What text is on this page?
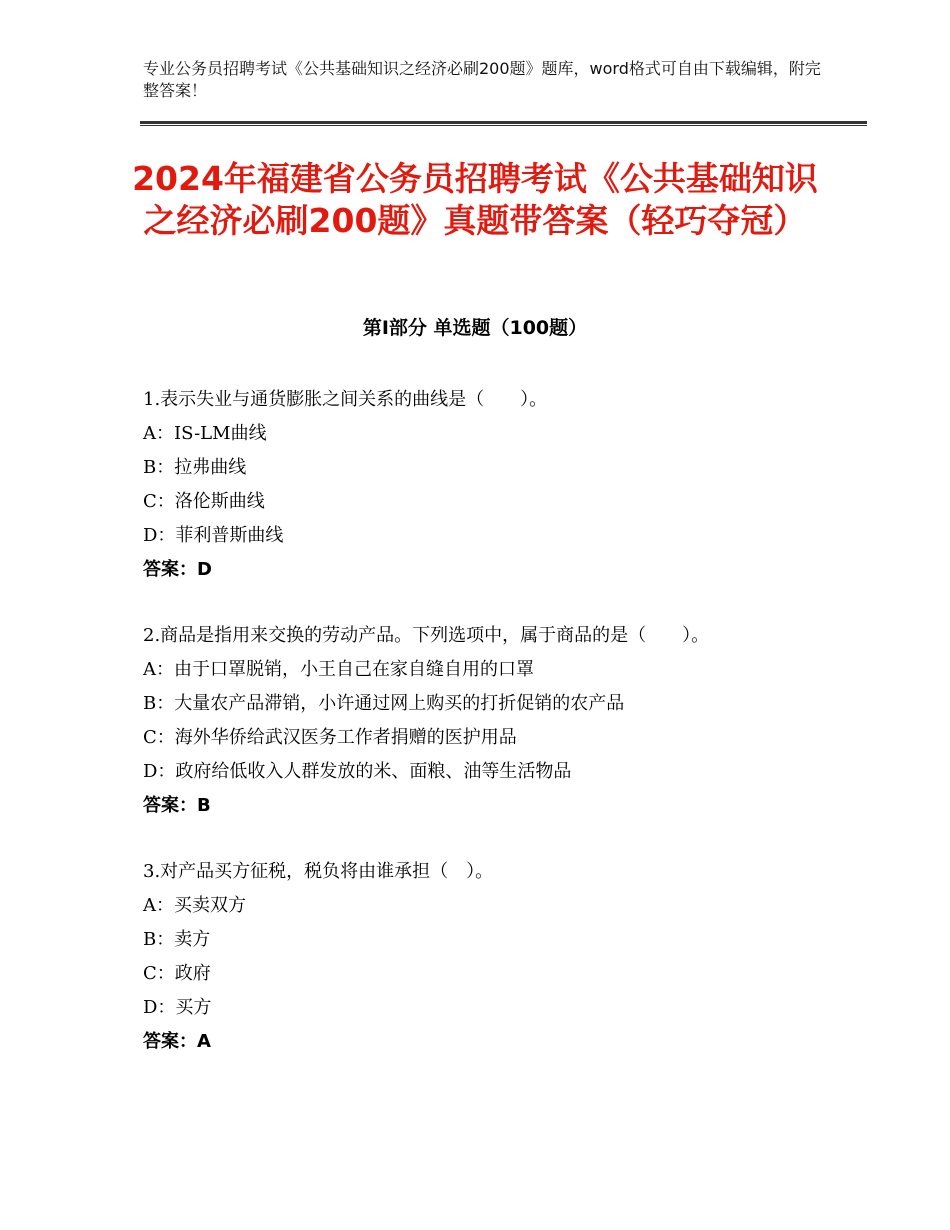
专业公务员招聘考试《公共基础知识之经济必刷200题》题库，word格式可自由下载编辑，附完整答案！
2024年福建省公务员招聘考试《公共基础知识之经济必刷200题》真题带答案（轻巧夺冠）
第Ⅰ部分 单选题（100题）
1.表示失业与通货膨胀之间关系的曲线是（　　）。
A：IS-LM曲线
B：拉弗曲线
C：洛伦斯曲线
D：菲利普斯曲线
答案：D
2.商品是指用来交换的劳动产品。下列选项中，属于商品的是（　　）。
A：由于口罩脱销，小王自己在家自缝自用的口罩
B：大量农产品滞销，小许通过网上购买的打折促销的农产品
C：海外华侨给武汉医务工作者捐赠的医护用品
D：政府给低收入人群发放的米、面粮、油等生活物品
答案：B
3.对产品买方征税，税负将由谁承担（　）。
A：买卖双方
B：卖方
C：政府
D：买方
答案：A
